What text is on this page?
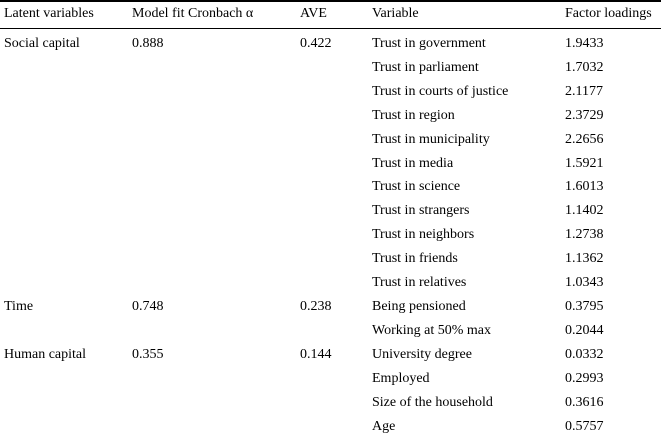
Latent variables	Model fit Cronbach α	AVE	Variable	Factor loadings
Social capital	0.888	0.422	Trust in government	1.9433
			Trust in parliament	1.7032
			Trust in courts of justice	2.1177
			Trust in region	2.3729
			Trust in municipality	2.2656
			Trust in media	1.5921
			Trust in science	1.6013
			Trust in strangers	1.1402
			Trust in neighbors	1.2738
			Trust in friends	1.1362
			Trust in relatives	1.0343
Time	0.748	0.238	Being pensioned	0.3795
			Working at 50% max	0.2044
Human capital	0.355	0.144	University degree	0.0332
			Employed	0.2993
			Size of the household	0.3616
			Age	0.5757
